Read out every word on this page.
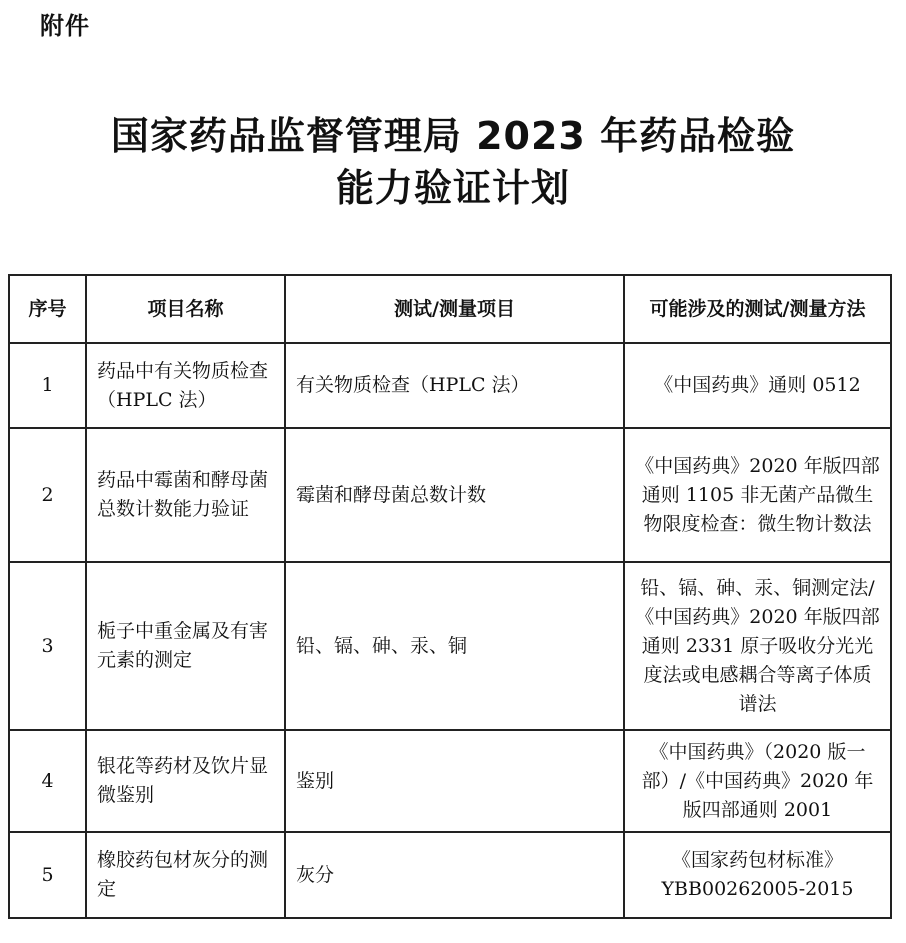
附件
国家药品监督管理局 2023 年药品检验
能力验证计划
序号	项目名称	测试/测量项目	可能涉及的测试/测量方法
1	药品中有关物质检查（HPLC 法）	有关物质检查（HPLC 法）	《中国药典》通则 0512
2	药品中霉菌和酵母菌总数计数能力验证	霉菌和酵母菌总数计数	《中国药典》2020 年版四部通则 1105 非无菌产品微生物限度检查：微生物计数法
3	栀子中重金属及有害元素的测定	铅、镉、砷、汞、铜	铅、镉、砷、汞、铜测定法/《中国药典》2020 年版四部通则 2331 原子吸收分光光度法或电感耦合等离子体质谱法
4	银花等药材及饮片显微鉴别	鉴别	《中国药典》（2020 版一部）/《中国药典》2020 年版四部通则 2001
5	橡胶药包材灰分的测定	灰分	《国家药包材标准》YBB00262005-2015
